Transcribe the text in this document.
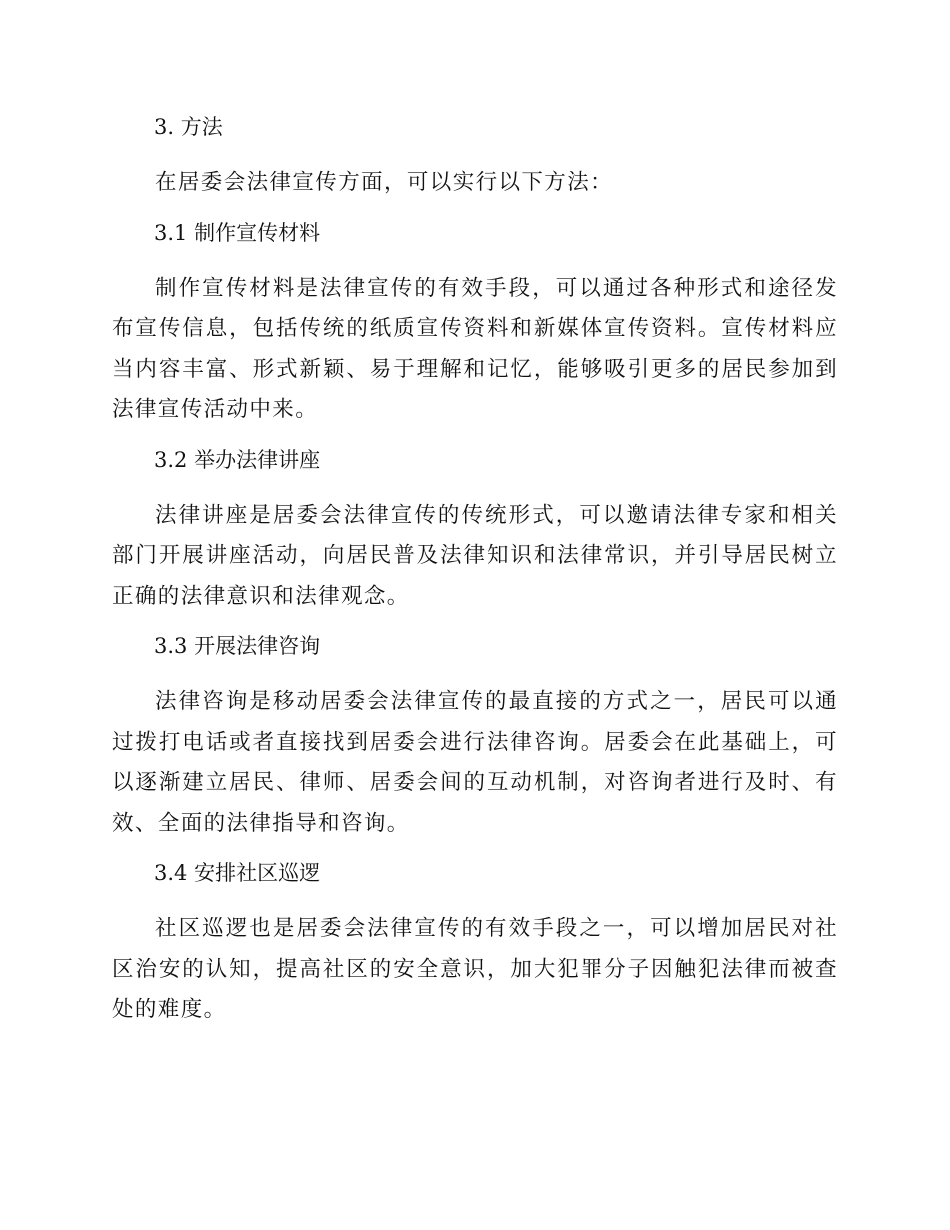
3. 方法

在居委会法律宣传方面，可以实行以下方法：

3.1 制作宣传材料

制作宣传材料是法律宣传的有效手段，可以通过各种形式和途径发布宣传信息，包括传统的纸质宣传资料和新媒体宣传资料。宣传材料应当内容丰富、形式新颖、易于理解和记忆，能够吸引更多的居民参加到法律宣传活动中来。

3.2 举办法律讲座

法律讲座是居委会法律宣传的传统形式，可以邀请法律专家和相关部门开展讲座活动，向居民普及法律知识和法律常识，并引导居民树立正确的法律意识和法律观念。

3.3 开展法律咨询

法律咨询是移动居委会法律宣传的最直接的方式之一，居民可以通过拨打电话或者直接找到居委会进行法律咨询。居委会在此基础上，可以逐渐建立居民、律师、居委会间的互动机制，对咨询者进行及时、有效、全面的法律指导和咨询。

3.4 安排社区巡逻

社区巡逻也是居委会法律宣传的有效手段之一，可以增加居民对社区治安的认知，提高社区的安全意识，加大犯罪分子因触犯法律而被查处的难度。
